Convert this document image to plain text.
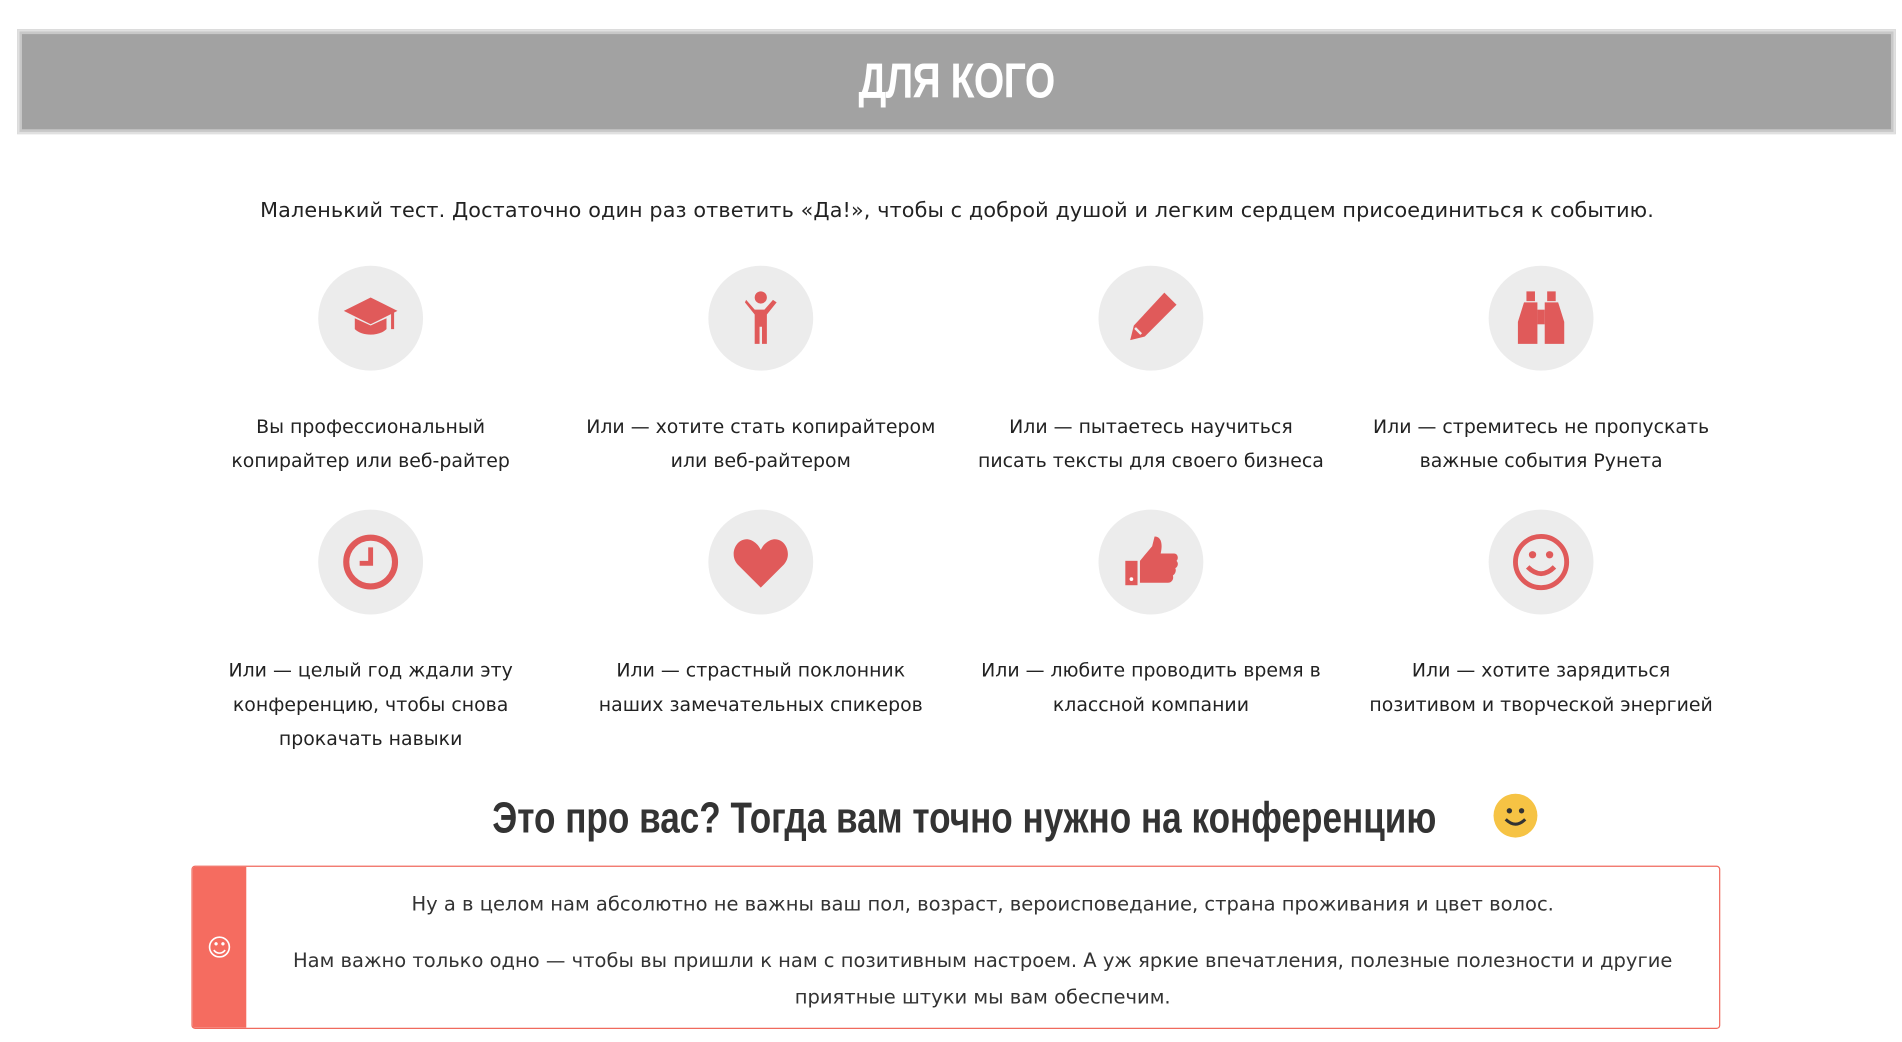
ДЛЯ КОГО
Маленький тест. Достаточно один раз ответить «Да!», чтобы с доброй душой и легким сердцем присоединиться к событию.
Вы профессиональный
копирайтер или веб-райтер
Или — хотите стать копирайтером
или веб-райтером
Или — пытаетесь научиться
писать тексты для своего бизнеса
Или — стремитесь не пропускать
важные события Рунета
Или — целый год ждали эту
конференцию, чтобы снова
прокачать навыки
Или — страстный поклонник
наших замечательных спикеров
Или — любите проводить время в
классной компании
Или — хотите зарядиться
позитивом и творческой энергией
Это про вас? Тогда вам точно нужно на конференцию
☺

Ну а в целом нам абсолютно не важны ваш пол, возраст, вероисповедание, страна проживания и цвет волос.

Нам важно только одно — чтобы вы пришли к нам с позитивным настроем. А уж яркие впечатления, полезные полезности и другие приятные штуки мы вам обеспечим.
